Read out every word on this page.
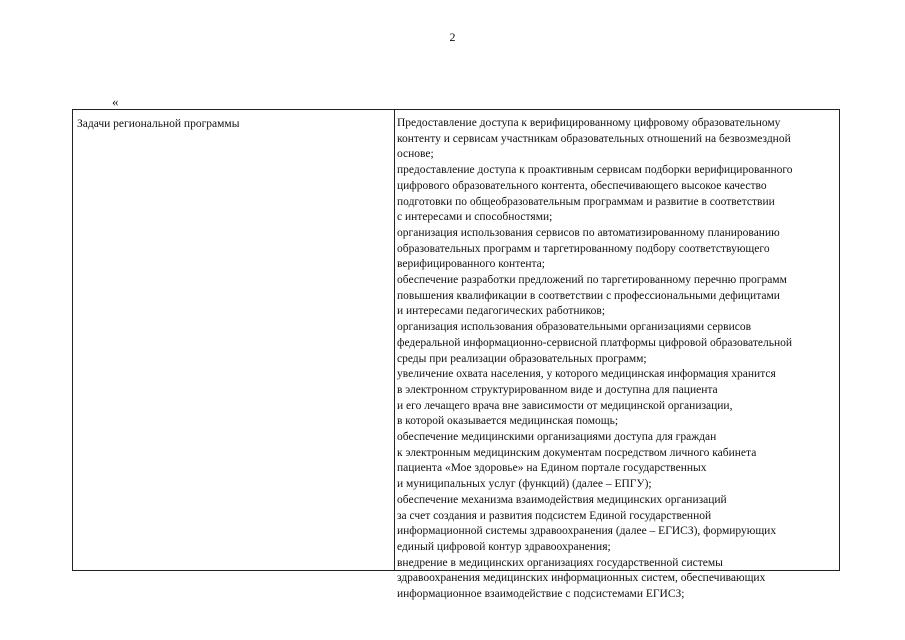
2
«
Задачи региональной программы	Предоставление доступа к верифицированному цифровому образовательному
контенту и сервисам участникам образовательных отношений на безвозмездной
основе;
предоставление доступа к проактивным сервисам подборки верифицированного
цифрового образовательного контента, обеспечивающего высокое качество
подготовки по общеобразовательным программам и развитие в соответствии
с интересами и способностями;
организация использования сервисов по автоматизированному планированию
образовательных программ и таргетированному подбору соответствующего
верифицированного контента;
обеспечение разработки предложений по таргетированному перечню программ
повышения квалификации в соответствии с профессиональными дефицитами
и интересами педагогических работников;
организация использования образовательными организациями сервисов
федеральной информационно-сервисной платформы цифровой образовательной
среды при реализации образовательных программ;
увеличение охвата населения, у которого медицинская информация хранится
в электронном структурированном виде и доступна для пациента
и его лечащего врача вне зависимости от медицинской организации,
в которой оказывается медицинская помощь;
обеспечение медицинскими организациями доступа для граждан
к электронным медицинским документам посредством личного кабинета
пациента «Мое здоровье» на Едином портале государственных
и муниципальных услуг (функций) (далее – ЕПГУ);
обеспечение механизма взаимодействия медицинских организаций
за счет создания и развития подсистем Единой государственной
информационной системы здравоохранения (далее – ЕГИСЗ), формирующих
единый цифровой контур здравоохранения;
внедрение в медицинских организациях государственной системы
здравоохранения медицинских информационных систем, обеспечивающих
информационное взаимодействие с подсистемами ЕГИСЗ;
